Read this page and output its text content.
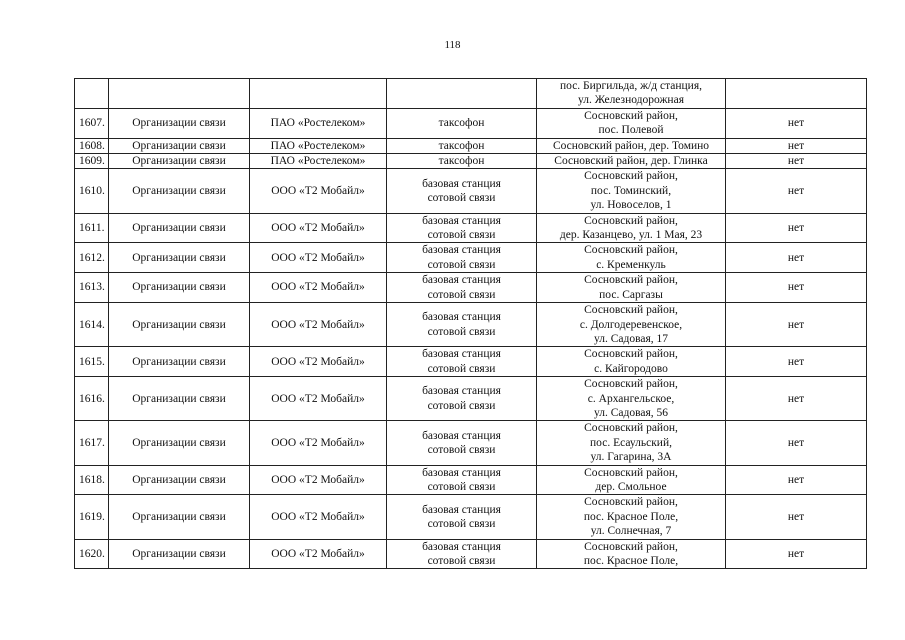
118
				пос. Биргильда, ж/д станция,
ул. Железнодорожная	
1607.	Организации связи	ПАО «Ростелеком»	таксофон	Сосновский район,
пос. Полевой	нет
1608.	Организации связи	ПАО «Ростелеком»	таксофон	Сосновский район, дер. Томино	нет
1609.	Организации связи	ПАО «Ростелеком»	таксофон	Сосновский район, дер. Глинка	нет
1610.	Организации связи	ООО «Т2 Мобайл»	базовая станция
сотовой связи	Сосновский район,
пос. Томинский,
ул. Новоселов, 1	нет
1611.	Организации связи	ООО «Т2 Мобайл»	базовая станция
сотовой связи	Сосновский район,
дер. Казанцево, ул. 1 Мая, 23	нет
1612.	Организации связи	ООО «Т2 Мобайл»	базовая станция
сотовой связи	Сосновский район,
с. Кременкуль	нет
1613.	Организации связи	ООО «Т2 Мобайл»	базовая станция
сотовой связи	Сосновский район,
пос. Саргазы	нет
1614.	Организации связи	ООО «Т2 Мобайл»	базовая станция
сотовой связи	Сосновский район,
с. Долгодеревенское,
ул. Садовая, 17	нет
1615.	Организации связи	ООО «Т2 Мобайл»	базовая станция
сотовой связи	Сосновский район,
с. Кайгородово	нет
1616.	Организации связи	ООО «Т2 Мобайл»	базовая станция
сотовой связи	Сосновский район,
с. Архангельское,
ул. Садовая, 56	нет
1617.	Организации связи	ООО «Т2 Мобайл»	базовая станция
сотовой связи	Сосновский район,
пос. Есаульский,
ул. Гагарина, 3А	нет
1618.	Организации связи	ООО «Т2 Мобайл»	базовая станция
сотовой связи	Сосновский район,
дер. Смольное	нет
1619.	Организации связи	ООО «Т2 Мобайл»	базовая станция
сотовой связи	Сосновский район,
пос. Красное Поле,
ул. Солнечная, 7	нет
1620.	Организации связи	ООО «Т2 Мобайл»	базовая станция
сотовой связи	Сосновский район,
пос. Красное Поле,	нет
